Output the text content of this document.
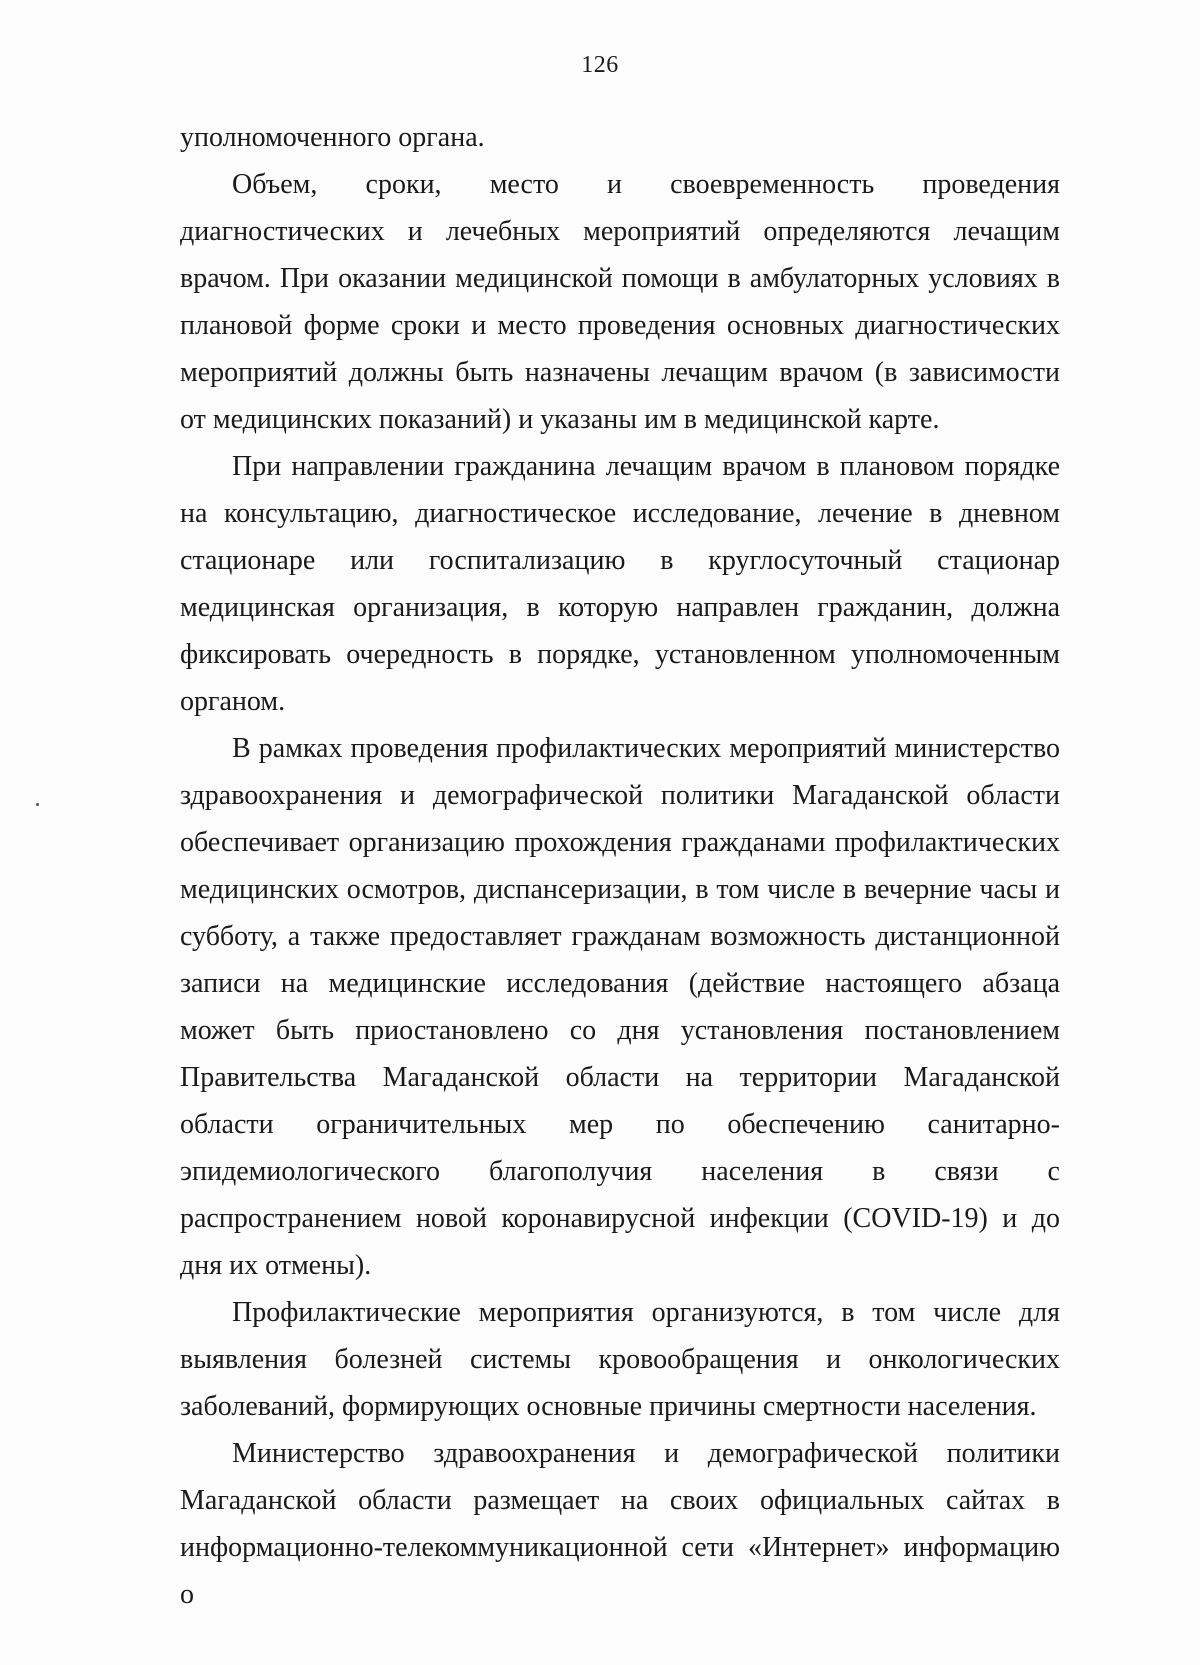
126

уполномоченного органа.

Объем, сроки, место и своевременность проведения диагностических и лечебных мероприятий определяются лечащим врачом. При оказании медицинской помощи в амбулаторных условиях в плановой форме сроки и место проведения основных диагностических мероприятий должны быть назначены лечащим врачом (в зависимости от медицинских показаний) и указаны им в медицинской карте.

При направлении гражданина лечащим врачом в плановом порядке на консультацию, диагностическое исследование, лечение в дневном стационаре или госпитализацию в круглосуточный стационар медицинская организация, в которую направлен гражданин, должна фиксировать очередность в порядке, установленном уполномоченным органом.

В рамках проведения профилактических мероприятий министерство здравоохранения и демографической политики Магаданской области обеспечивает организацию прохождения гражданами профилактических медицинских осмотров, диспансеризации, в том числе в вечерние часы и субботу, а также предоставляет гражданам возможность дистанционной записи на медицинские исследования (действие настоящего абзаца может быть приостановлено со дня установления постановлением Правительства Магаданской области на территории Магаданской области ограничительных мер по обеспечению санитарно-эпидемиологического благополучия населения в связи с распространением новой коронавирусной инфекции (COVID-19) и до дня их отмены).

Профилактические мероприятия организуются, в том числе для выявления болезней системы кровообращения и онкологических заболеваний, формирующих основные причины смертности населения.

Министерство здравоохранения и демографической политики Магаданской области размещает на своих официальных сайтах в информационно-телекоммуникационной сети «Интернет» информацию о
